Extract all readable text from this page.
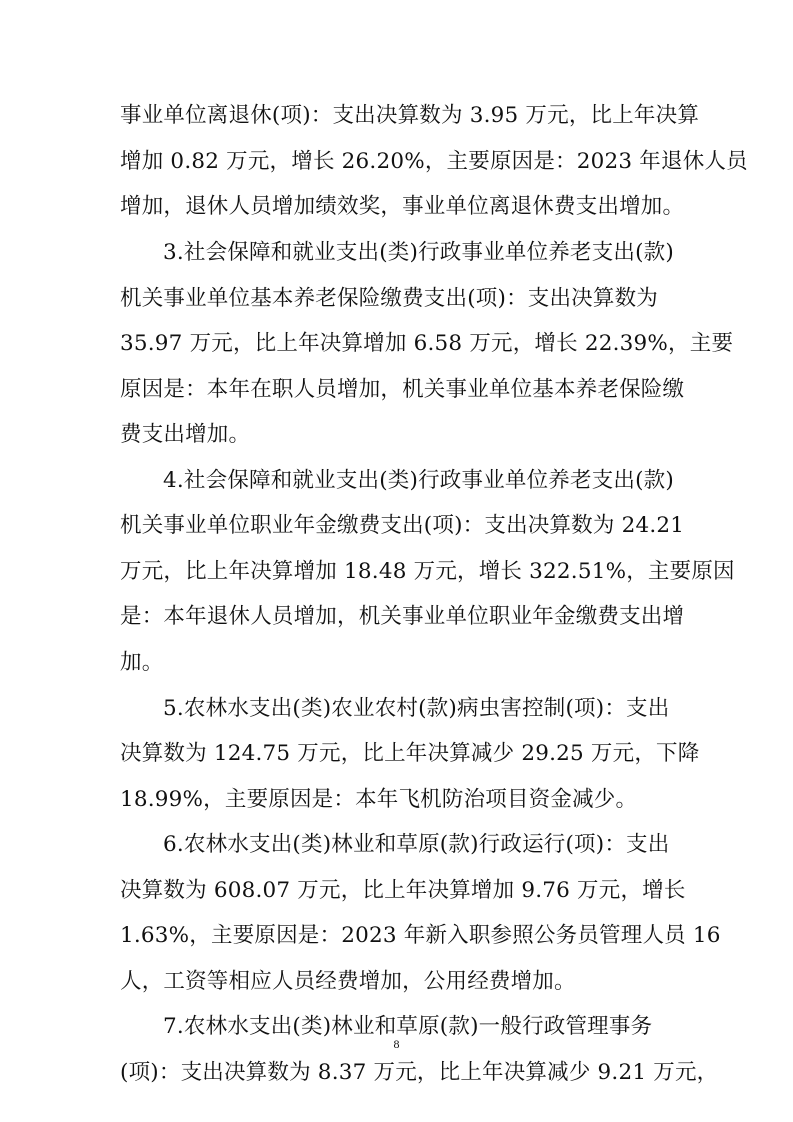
事业单位离退休(项)：支出决算数为 3.95 万元，比上年决算
增加 0.82 万元，增长 26.20%，主要原因是：2023 年退休人员
增加，退休人员增加绩效奖，事业单位离退休费支出增加。
3.社会保障和就业支出(类)行政事业单位养老支出(款)
机关事业单位基本养老保险缴费支出(项)：支出决算数为
35.97 万元，比上年决算增加 6.58 万元，增长 22.39%，主要
原因是：本年在职人员增加，机关事业单位基本养老保险缴
费支出增加。
4.社会保障和就业支出(类)行政事业单位养老支出(款)
机关事业单位职业年金缴费支出(项)：支出决算数为 24.21
万元，比上年决算增加 18.48 万元，增长 322.51%，主要原因
是：本年退休人员增加，机关事业单位职业年金缴费支出增
加。
5.农林水支出(类)农业农村(款)病虫害控制(项)：支出
决算数为 124.75 万元，比上年决算减少 29.25 万元，下降
18.99%，主要原因是：本年飞机防治项目资金减少。
6.农林水支出(类)林业和草原(款)行政运行(项)：支出
决算数为 608.07 万元，比上年决算增加 9.76 万元，增长
1.63%，主要原因是：2023 年新入职参照公务员管理人员 16
人，工资等相应人员经费增加，公用经费增加。
7.农林水支出(类)林业和草原(款)一般行政管理事务
(项)：支出决算数为 8.37 万元，比上年决算减少 9.21 万元，
8
